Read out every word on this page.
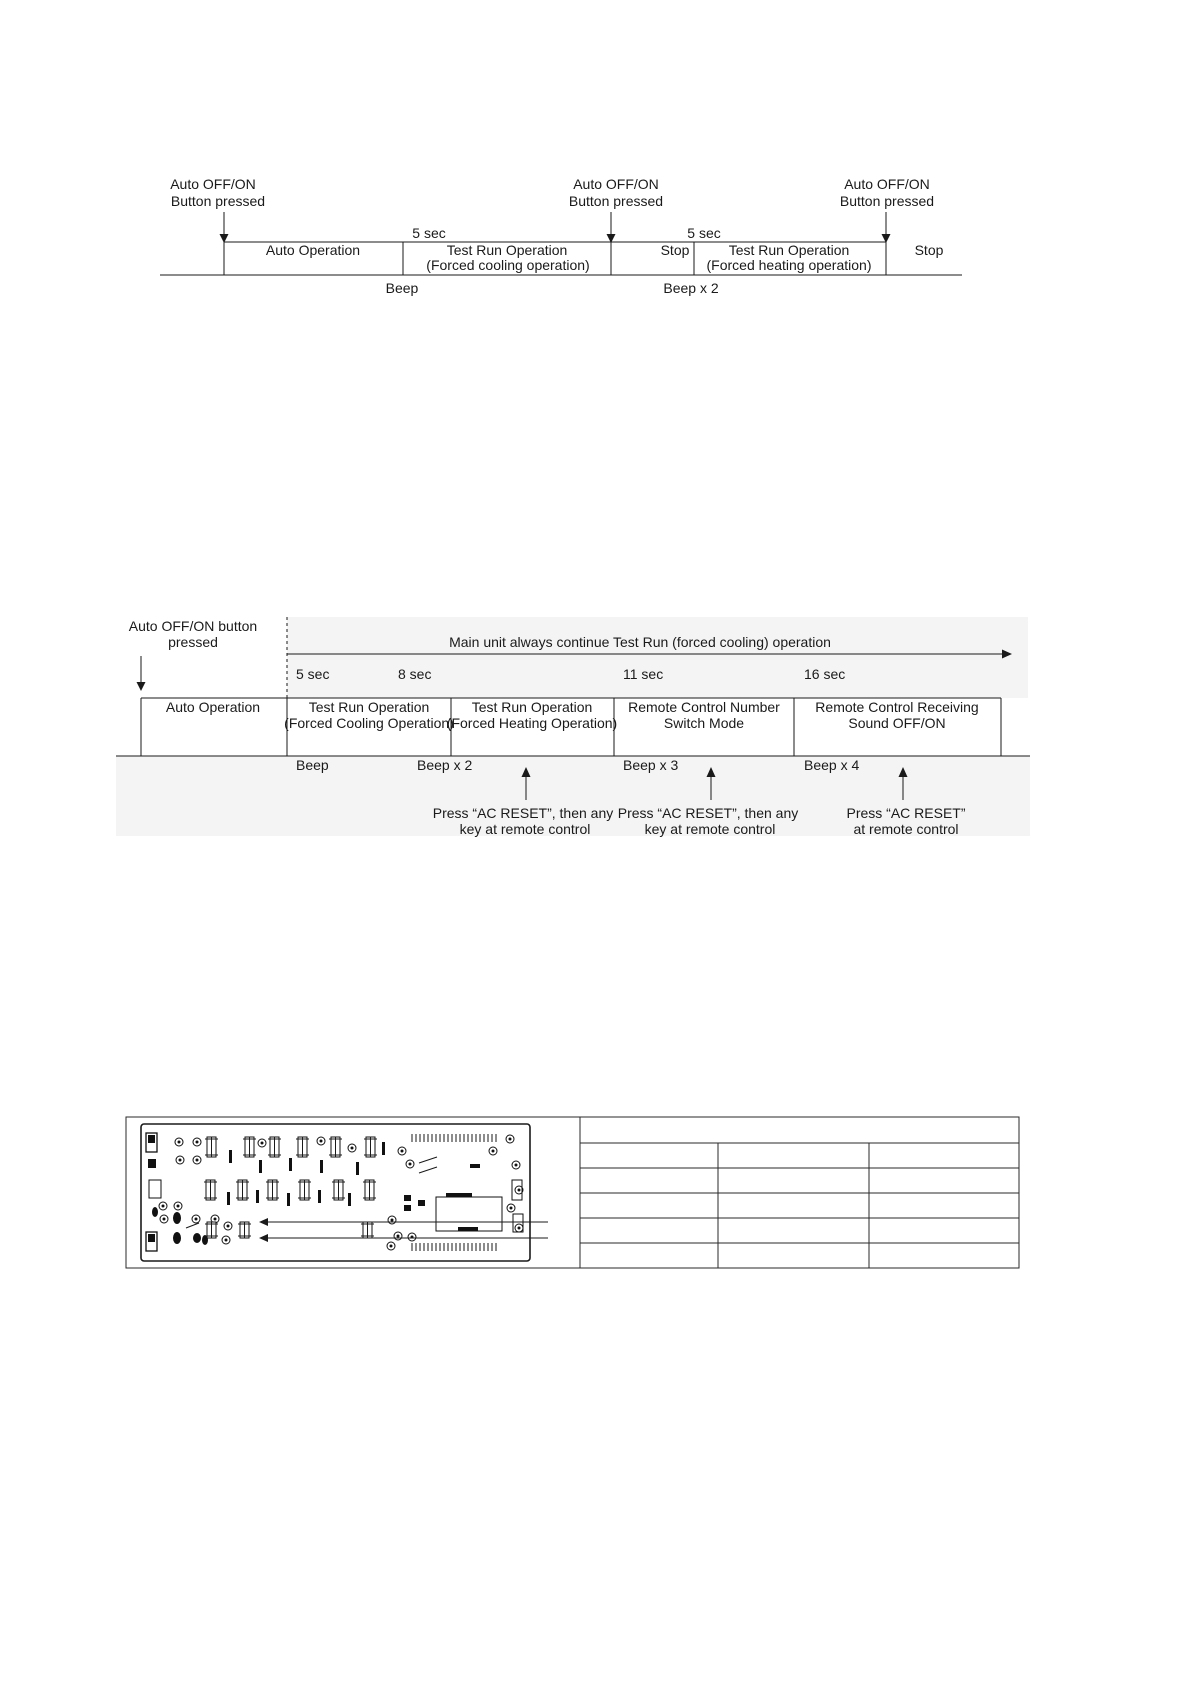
Auto OFF/ON
Button pressed
Auto OFF/ON
Button pressed
Auto OFF/ON
Button pressed
5 sec	5 sec
Auto Operation	Test Run Operation
(Forced cooling operation)
Stop	Test Run Operation
(Forced heating operation)
Stop
Beep	Beep x 2
Auto OFF/ON button
pressed	Main unit always continue Test Run (forced cooling) operation
5 sec	8 sec	11 sec	16 sec
Auto Operation	Test Run Operation
(Forced Cooling Operation)
Test Run Operation
(Forced Heating Operation)
Remote Control Number
Switch Mode
Remote Control Receiving
Sound OFF/ON
Beep	Beep x 2	Beep x 3	Beep x 4
Press “AC RESET”, then any
key at remote control
Press “AC RESET”, then any
key at remote control
Press “AC RESET”
at remote control
